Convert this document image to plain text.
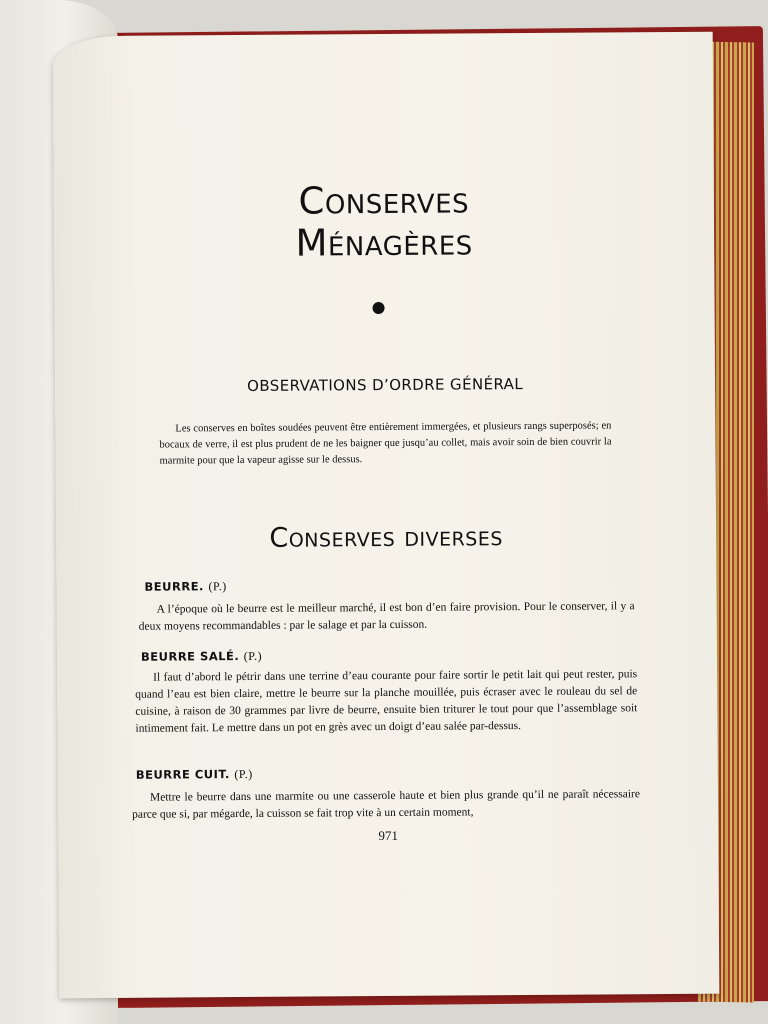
Conserves
Ménagères
OBSERVATIONS D’ORDRE GÉNÉRAL

Les conserves en boîtes soudées peuvent être entièrement immergées, et plusieurs rangs superposés; en bocaux de verre, il est plus prudent de ne les baigner que jusqu’au collet, mais avoir soin de bien couvrir la marmite pour que la vapeur agisse sur le dessus.

Conserves diverses
BEURRE. (P.)

A l’époque où le beurre est le meilleur marché, il est bon d’en faire provision. Pour le conserver, il y a deux moyens recommandables : par le salage et par la cuisson.

BEURRE SALÉ. (P.)

Il faut d’abord le pétrir dans une terrine d’eau courante pour faire sortir le petit lait qui peut rester, puis quand l’eau est bien claire, mettre le beurre sur la planche mouillée, puis écraser avec le rouleau du sel de cuisine, à raison de 30 grammes par livre de beurre, ensuite bien triturer le tout pour que l’assemblage soit intimement fait. Le mettre dans un pot en grès avec un doigt d’eau salée par-dessus.

BEURRE CUIT. (P.)

Mettre le beurre dans une marmite ou une casserole haute et bien plus grande qu’il ne paraît nécessaire parce que si, par mégarde, la cuisson se fait trop vite à un certain moment,

971
